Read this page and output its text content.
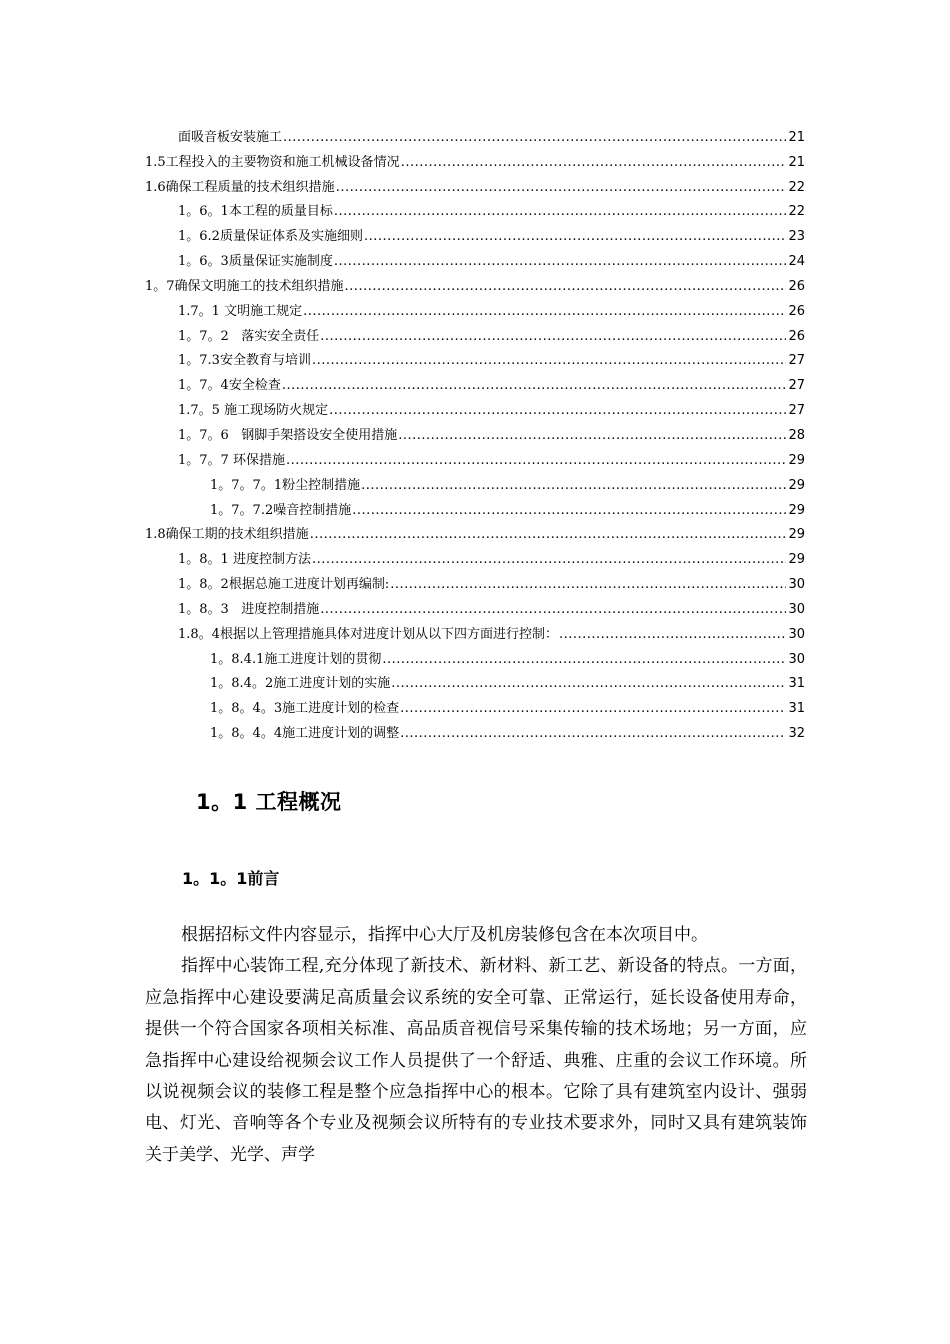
面吸音板安装施工 .....	21
1.5工程投入的主要物资和施工机械设备情况 .....	21
1.6确保工程质量的技术组织措施 .....	22
1。6。1本工程的质量目标 .....	22
1。6.2质量保证体系及实施细则 .....	23
1。6。3质量保证实施制度 .....	24
1。7确保文明施工的技术组织措施 .....	26
1.7。1 文明施工规定 .....	26
1。7。2   落实安全责任 .....	26
1。7.3安全教育与培训 .....	27
1。7。4安全检查 .....	27
1.7。5 施工现场防火规定 .....	27
1。7。6   钢脚手架搭设安全使用措施 .....	28
1。7。7 环保措施 .....	29
1。7。7。1粉尘控制措施 .....	29
1。7。7.2噪音控制措施 .....	29
1.8确保工期的技术组织措施 .....	29
1。8。1 进度控制方法 .....	29
1。8。2根据总施工进度计划再编制: .....	30
1。8。3   进度控制措施 .....	30
1.8。4根据以上管理措施具体对进度计划从以下四方面进行控制： .....	30
1。8.4.1施工进度计划的贯彻 .....	30
1。8.4。2施工进度计划的实施 .....	31
1。8。4。3施工进度计划的检查 .....	31
1。8。4。4施工进度计划的调整 .....	32
1。1 工程概况
1。1。1前言

根据招标文件内容显示，指挥中心大厅及机房装修包含在本次项目中。

指挥中心装饰工程,充分体现了新技术、新材料、新工艺、新设备的特点。一方面，应急指挥中心建设要满足高质量会议系统的安全可靠、正常运行，延长设备使用寿命，提供一个符合国家各项相关标准、高品质音视信号采集传输的技术场地；另一方面，应急指挥中心建设给视频会议工作人员提供了一个舒适、典雅、庄重的会议工作环境。所以说视频会议的装修工程是整个应急指挥中心的根本。它除了具有建筑室内设计、强弱电、灯光、音响等各个专业及视频会议所特有的专业技术要求外，同时又具有建筑装饰关于美学、光学、声学
